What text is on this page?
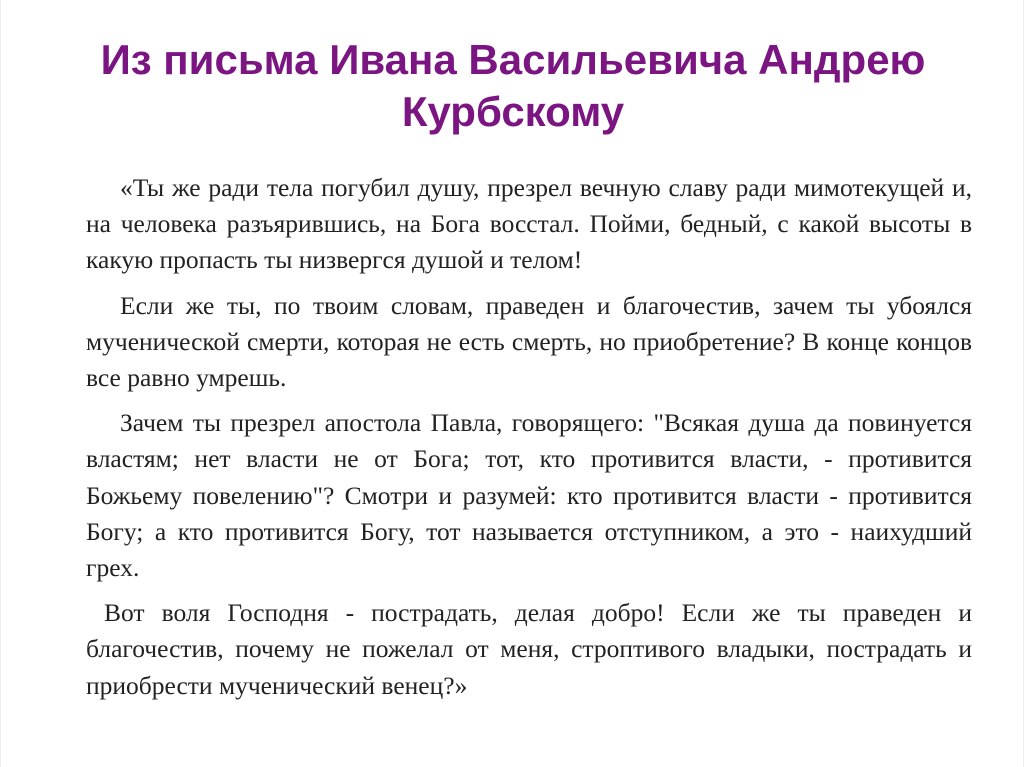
Из письма Ивана Васильевича Андрею
Курбскому

«Ты же ради тела погубил душу, презрел вечную славу ради мимотекущей и, на человека разъярившись, на Бога восстал. Пойми, бедный, с какой высоты в какую пропасть ты низвергся душой и телом!

Если же ты, по твоим словам, праведен и благочестив, зачем ты убоялся мученической смерти, которая не есть смерть, но приобретение? В конце концов все равно умрешь.

Зачем ты презрел апостола Павла, говорящего: "Всякая душа да повинуется властям; нет власти не от Бога; тот, кто противится власти, - противится Божьему повелению"? Смотри и разумей: кто противится власти - противится Богу; а кто противится Богу, тот называется отступником, а это - наихудший грех.

Вот воля Господня - пострадать, делая добро! Если же ты праведен и благочестив, почему не пожелал от меня, строптивого владыки, пострадать и приобрести мученический венец?»
